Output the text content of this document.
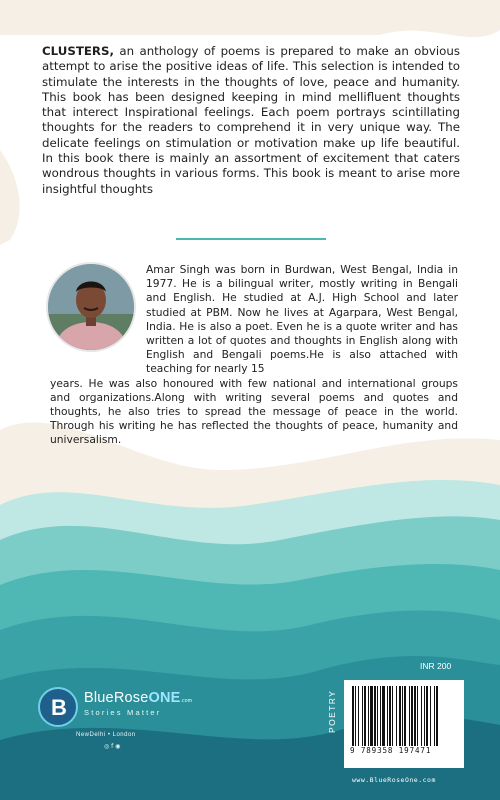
CLUSTERS, an anthology of poems is prepared to make an obvious attempt to arise the positive ideas of life. This selection is intended to stimulate the interests in the thoughts of love, peace and humanity. This book has been designed keeping in mind mellifluent thoughts that interect Inspirational feelings. Each poem portrays scintillating thoughts for the readers to comprehend it in very unique way. The delicate feelings on stimulation or motivation make up life beautiful. In this book there is mainly an assortment of excitement that caters wondrous thoughts in various forms. This book is meant to arise more insightful thoughts

Amar Singh was born in Burdwan, West Bengal, India in 1977. He is a bilingual writer, mostly writing in Bengali and English. He studied at A.J. High School and later studied at PBM. Now he lives at Agarpara, West Bengal, India. He is also a poet. Even he is a quote writer and has written a lot of quotes and thoughts in English along with English and Bengali poems.He is also attached with teaching for nearly 15
years. He was also honoured with few national and international groups and organizations.Along with writing several poems and quotes and thoughts, he also tries to spread the message of peace in the world. Through his writing he has reflected the thoughts of peace, humanity and universalism.

B BlueRoseONE.com
Stories Matter
NewDelhi • London
◎ f ◉
INR 200
POETRY
9 789358 197471
www.BlueRoseOne.com
